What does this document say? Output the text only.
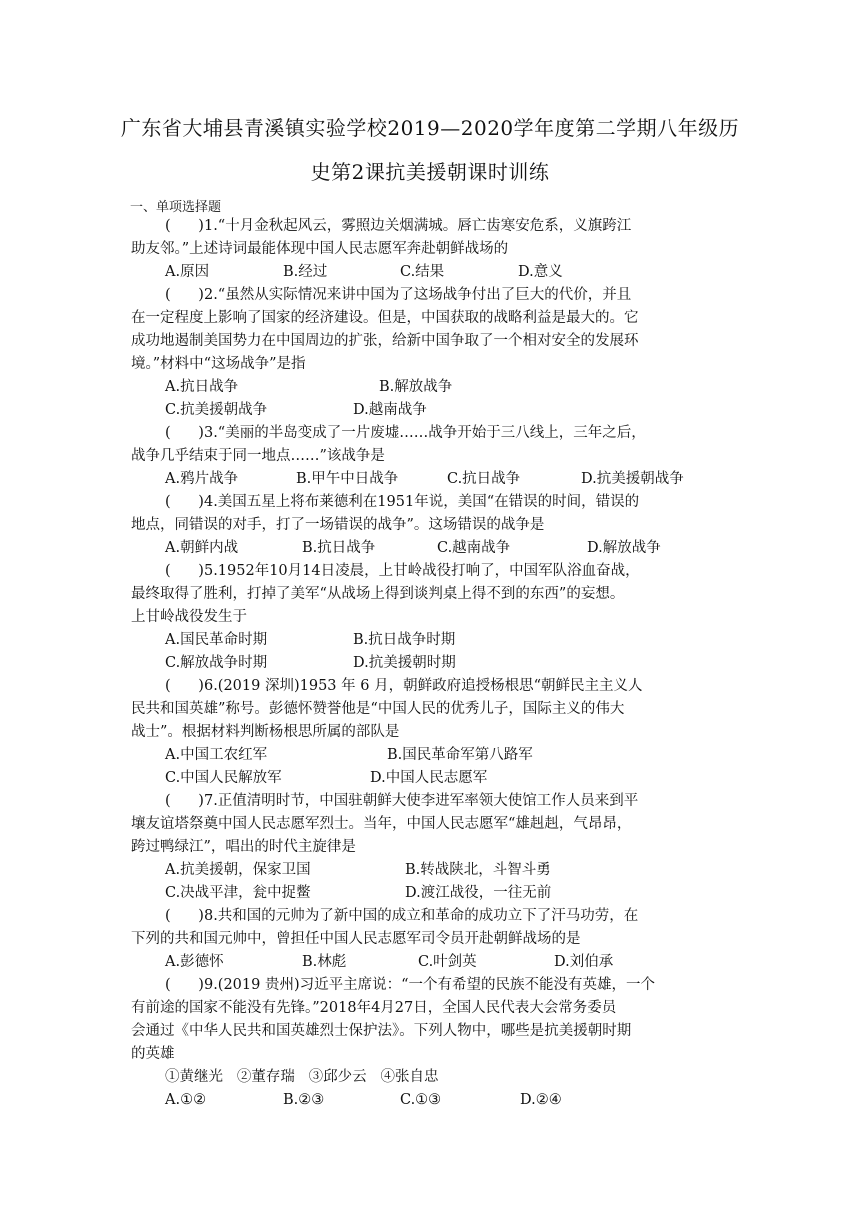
广东省大埔县青溪镇实验学校2019—2020学年度第二学期八年级历
史第2课抗美援朝课时训练
一、单项选择题
(      )1.“十月金秋起风云，雾照边关烟满城。唇亡齿寒安危系，义旗跨江
助友邻。”上述诗词最能体现中国人民志愿军奔赴朝鲜战场的
A.原因	B.经过	C.结果	D.意义
(      )2.“虽然从实际情况来讲中国为了这场战争付出了巨大的代价，并且
在一定程度上影响了国家的经济建设。但是，中国获取的战略利益是最大的。它
成功地遏制美国势力在中国周边的扩张，给新中国争取了一个相对安全的发展环
境。”材料中“这场战争”是指
A.抗日战争	B.解放战争
C.抗美援朝战争	D.越南战争
(      )3.“美丽的半岛变成了一片废墟……战争开始于三八线上，三年之后，
战争几乎结束于同一地点……”该战争是
A.鸦片战争	B.甲午中日战争	C.抗日战争	D.抗美援朝战争
(      )4.美国五星上将布莱德利在1951年说，美国“在错误的时间，错误的
地点，同错误的对手，打了一场错误的战争”。这场错误的战争是
A.朝鲜内战	B.抗日战争	C.越南战争	D.解放战争
(      )5.1952年10月14日凌晨，上甘岭战役打响了，中国军队浴血奋战，
最终取得了胜利，打掉了美军“从战场上得到谈判桌上得不到的东西”的妄想。
上甘岭战役发生于
A.国民革命时期	B.抗日战争时期
C.解放战争时期	D.抗美援朝时期
(      )6.(2019 深圳)1953 年 6 月，朝鲜政府追授杨根思“朝鲜民主主义人
民共和国英雄”称号。彭德怀赞誉他是“中国人民的优秀儿子，国际主义的伟大
战士”。根据材料判断杨根思所属的部队是
A.中国工农红军	B.国民革命军第八路军
C.中国人民解放军	D.中国人民志愿军
(      )7.正值清明时节，中国驻朝鲜大使李进军率领大使馆工作人员来到平
壤友谊塔祭奠中国人民志愿军烈士。当年，中国人民志愿军“雄赳赳，气昂昂，
跨过鸭绿江”，唱出的时代主旋律是
A.抗美援朝，保家卫国	B.转战陕北，斗智斗勇
C.决战平津，瓮中捉鳖	D.渡江战役，一往无前
(      )8.共和国的元帅为了新中国的成立和革命的成功立下了汗马功劳，在
下列的共和国元帅中，曾担任中国人民志愿军司令员开赴朝鲜战场的是
A.彭德怀	B.林彪	C.叶剑英	D.刘伯承
(      )9.(2019 贵州)习近平主席说：“一个有希望的民族不能没有英雄，一个
有前途的国家不能没有先锋。”2018年4月27日，全国人民代表大会常务委员
会通过《中华人民共和国英雄烈士保护法》。下列人物中，哪些是抗美援朝时期
的英雄
①黄继光   ②董存瑞   ③邱少云   ④张自忠
A.①②	B.②③	C.①③	D.②④
